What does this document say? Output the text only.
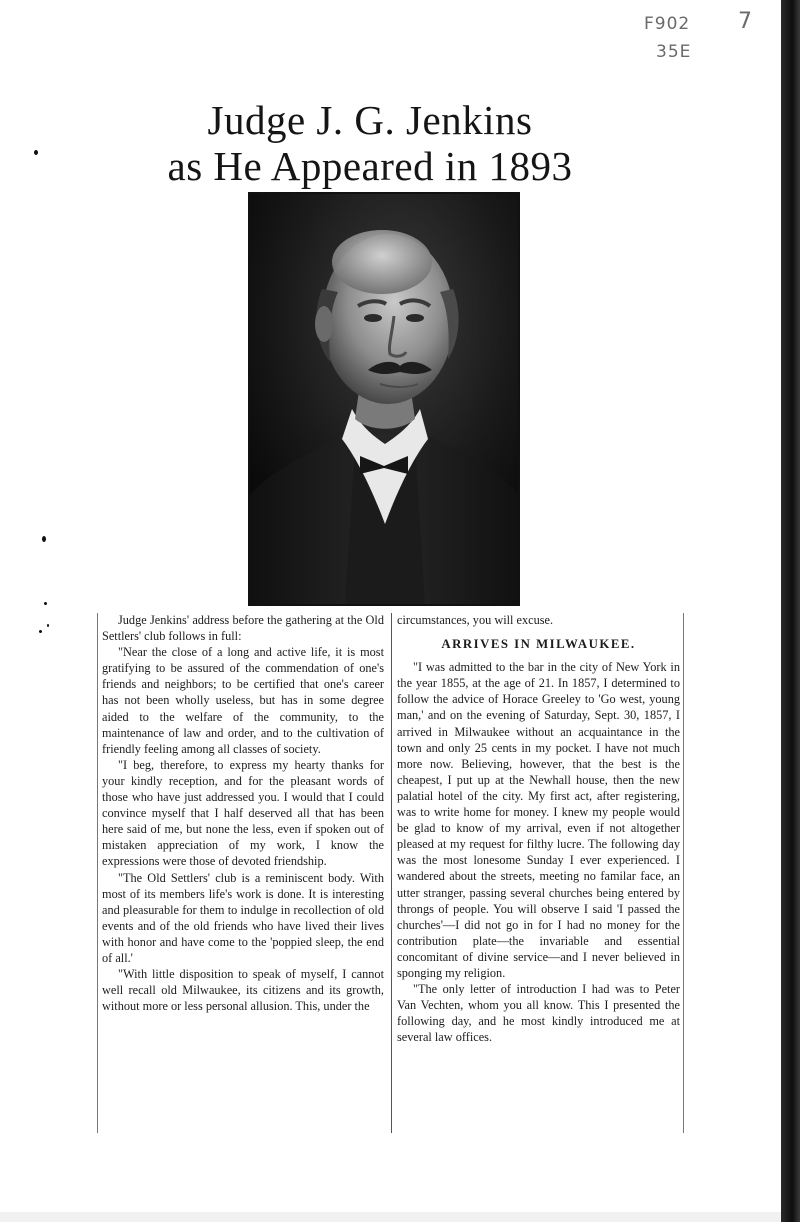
F902
35E
7
Judge J. G. Jenkins
as He Appeared in 1893

Judge Jenkins' address before the gathering at the Old Settlers' club follows in full:

"Near the close of a long and active life, it is most gratifying to be assured of the commendation of one's friends and neighbors; to be certified that one's career has not been wholly useless, but has in some degree aided to the welfare of the community, to the maintenance of law and order, and to the cultivation of friendly feeling among all classes of society.

"I beg, therefore, to express my hearty thanks for your kindly reception, and for the pleasant words of those who have just addressed you. I would that I could convince myself that I half deserved all that has been here said of me, but none the less, even if spoken out of mistaken appreciation of my work, I know the expressions were those of devoted friendship.

"The Old Settlers' club is a reminiscent body. With most of its members life's work is done. It is interesting and pleasurable for them to indulge in recollection of old events and of the old friends who have lived their lives with honor and have come to the 'poppied sleep, the end of all.'

"With little disposition to speak of myself, I cannot well recall old Milwaukee, its citizens and its growth, without more or less personal allusion. This, under the

circumstances, you will excuse.

ARRIVES IN MILWAUKEE.

"I was admitted to the bar in the city of New York in the year 1855, at the age of 21. In 1857, I determined to follow the advice of Horace Greeley to 'Go west, young man,' and on the evening of Saturday, Sept. 30, 1857, I arrived in Milwaukee without an acquaintance in the town and only 25 cents in my pocket. I have not much more now. Believing, however, that the best is the cheapest, I put up at the Newhall house, then the new palatial hotel of the city. My first act, after registering, was to write home for money. I knew my people would be glad to know of my arrival, even if not altogether pleased at my request for filthy lucre. The following day was the most lonesome Sunday I ever experienced. I wandered about the streets, meeting no familar face, an utter stranger, passing several churches being entered by throngs of people. You will observe I said 'I passed the churches'—I did not go in for I had no money for the contribution plate—the invariable and essential concomitant of divine service—and I never believed in sponging my religion.

"The only letter of introduction I had was to Peter Van Vechten, whom you all know. This I presented the following day, and he most kindly introduced me at several law offices.
